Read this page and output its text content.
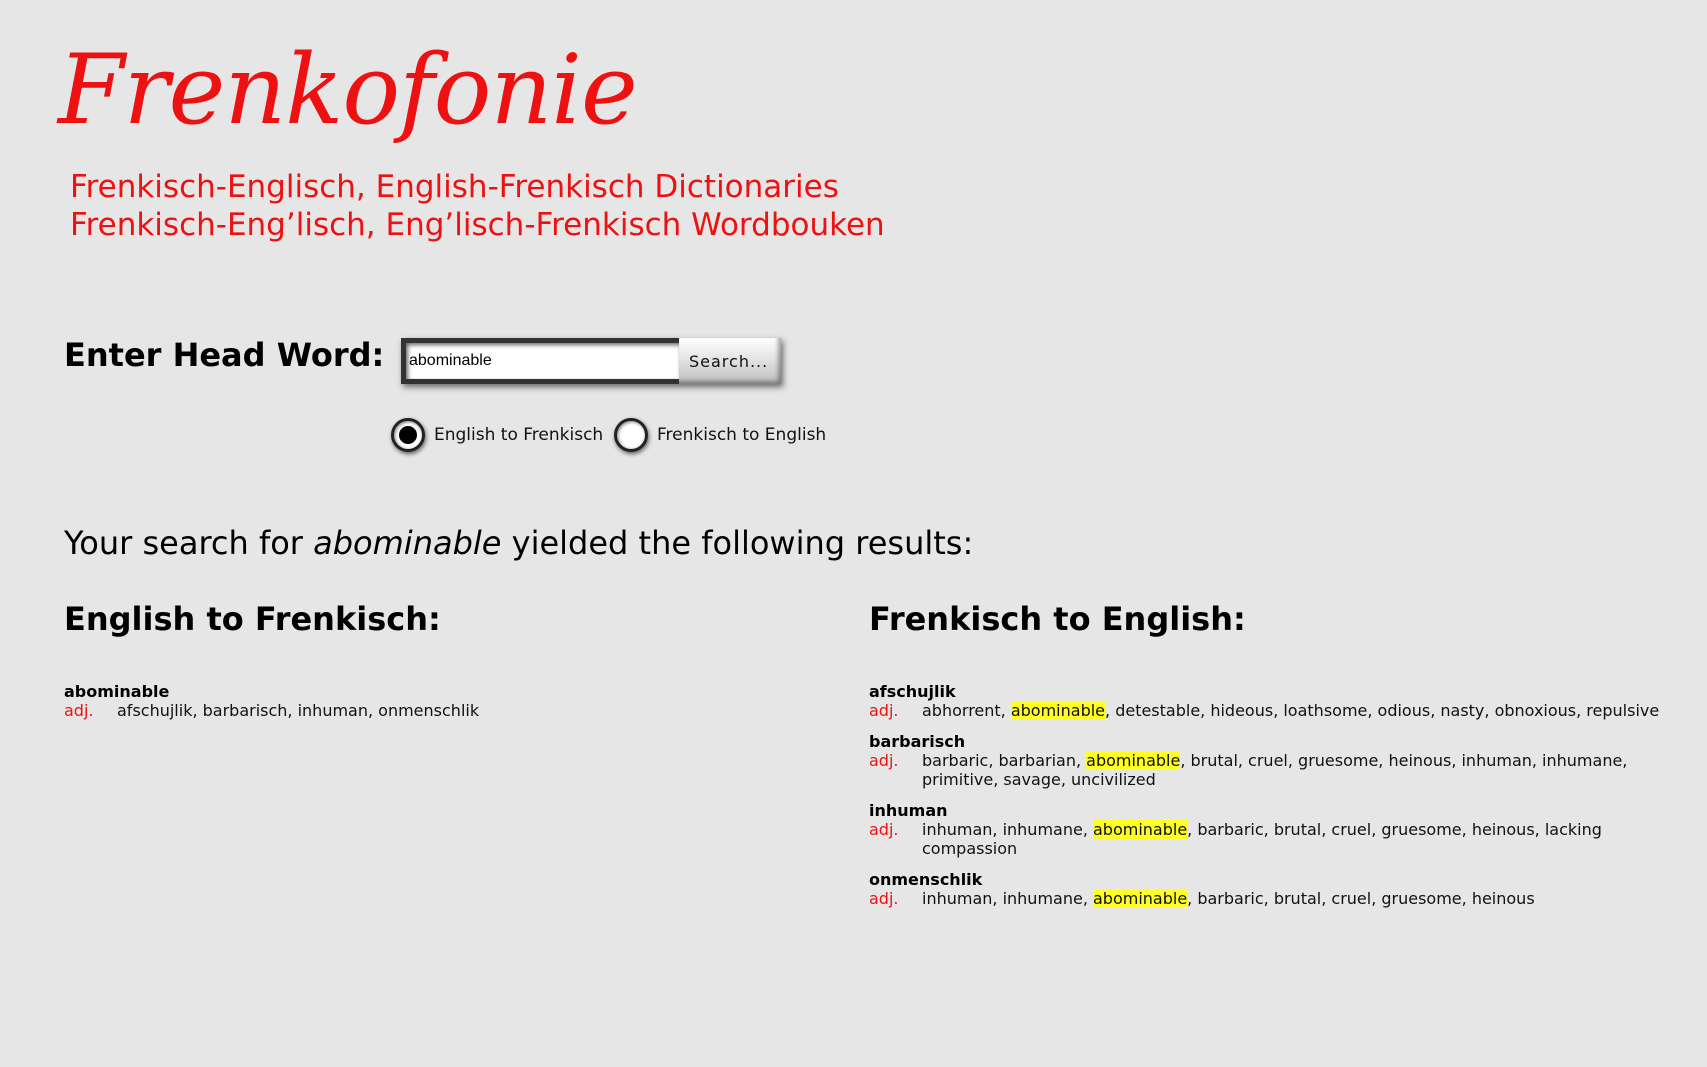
Frenkofonie
Frenkisch-Englisch, English-Frenkisch Dictionaries
Frenkisch-Eng’lisch, Eng’lisch-Frenkisch Wordbouken
Enter Head Word:
abominable	Search...
English to Frenkisch	Frenkisch to English
Your search for abominable yielded the following results:
English to Frenkisch:
abominable
adj.	afschujlik, barbarisch, inhuman, onmenschlik
Frenkisch to English:
afschujlik
adj.	abhorrent, abominable, detestable, hideous, loathsome, odious, nasty, obnoxious, repulsive
barbarisch
adj.	barbaric, barbarian, abominable, brutal, cruel, gruesome, heinous, inhuman, inhumane, primitive, savage, uncivilized
inhuman
adj.	inhuman, inhumane, abominable, barbaric, brutal, cruel, gruesome, heinous, lacking compassion
onmenschlik
adj.	inhuman, inhumane, abominable, barbaric, brutal, cruel, gruesome, heinous
